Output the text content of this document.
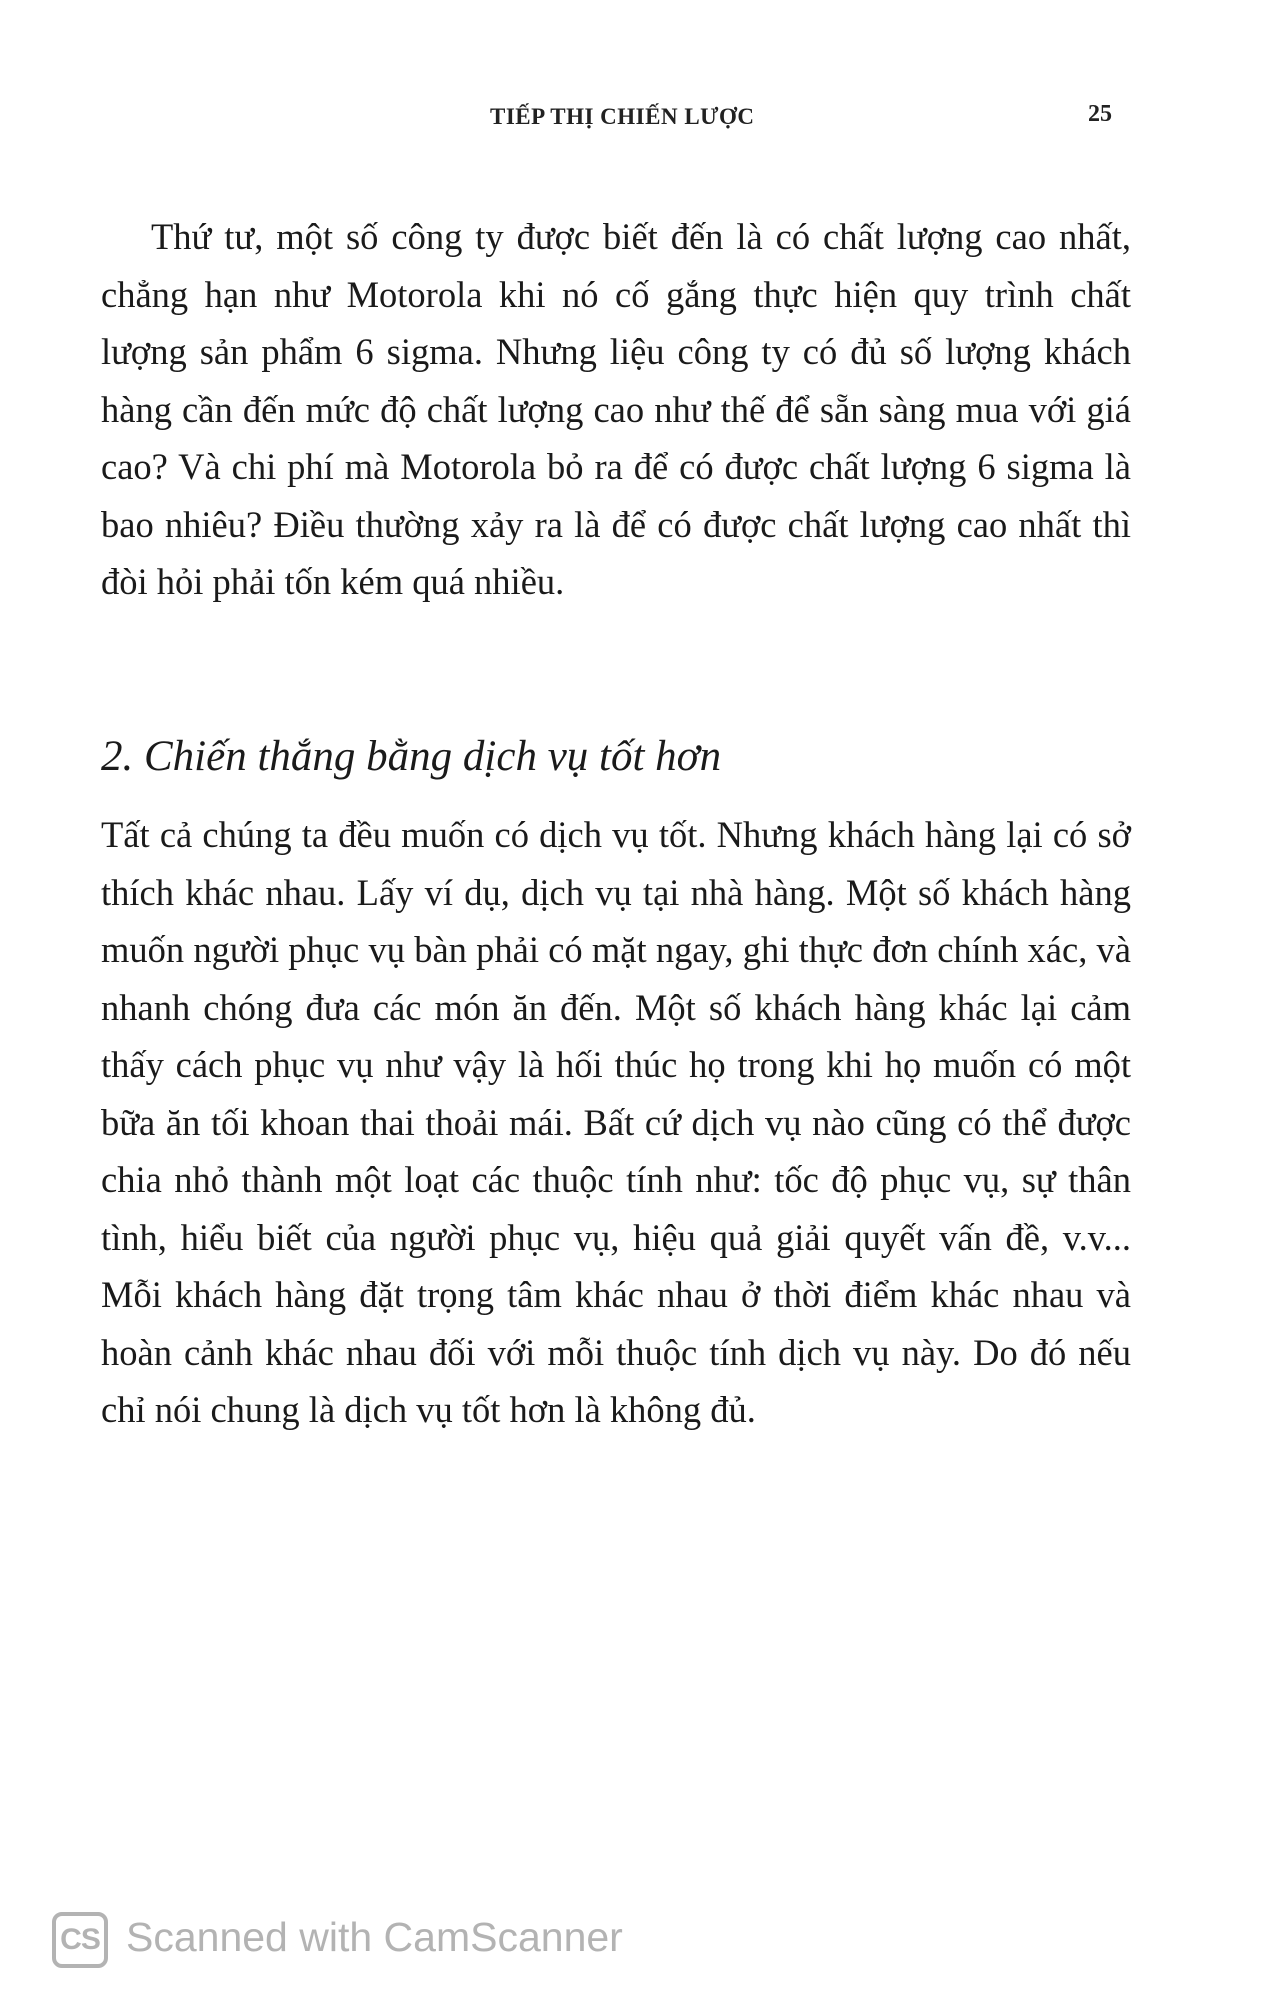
TIẾP THỊ CHIẾN LƯỢC	25

Thứ tư, một số công ty được biết đến là có chất lượng cao nhất, chẳng hạn như Motorola khi nó cố gắng thực hiện quy trình chất lượng sản phẩm 6 sigma. Nhưng liệu công ty có đủ số lượng khách hàng cần đến mức độ chất lượng cao như thế để sẵn sàng mua với giá cao? Và chi phí mà Motorola bỏ ra để có được chất lượng 6 sigma là bao nhiêu? Điều thường xảy ra là để có được chất lượng cao nhất thì đòi hỏi phải tốn kém quá nhiều.

2. Chiến thắng bằng dịch vụ tốt hơn

Tất cả chúng ta đều muốn có dịch vụ tốt. Nhưng khách hàng lại có sở thích khác nhau. Lấy ví dụ, dịch vụ tại nhà hàng. Một số khách hàng muốn người phục vụ bàn phải có mặt ngay, ghi thực đơn chính xác, và nhanh chóng đưa các món ăn đến. Một số khách hàng khác lại cảm thấy cách phục vụ như vậy là hối thúc họ trong khi họ muốn có một bữa ăn tối khoan thai thoải mái. Bất cứ dịch vụ nào cũng có thể được chia nhỏ thành một loạt các thuộc tính như: tốc độ phục vụ, sự thân tình, hiểu biết của người phục vụ, hiệu quả giải quyết vấn đề, v.v... Mỗi khách hàng đặt trọng tâm khác nhau ở thời điểm khác nhau và hoàn cảnh khác nhau đối với mỗi thuộc tính dịch vụ này. Do đó nếu chỉ nói chung là dịch vụ tốt hơn là không đủ.

CS Scanned with CamScanner
